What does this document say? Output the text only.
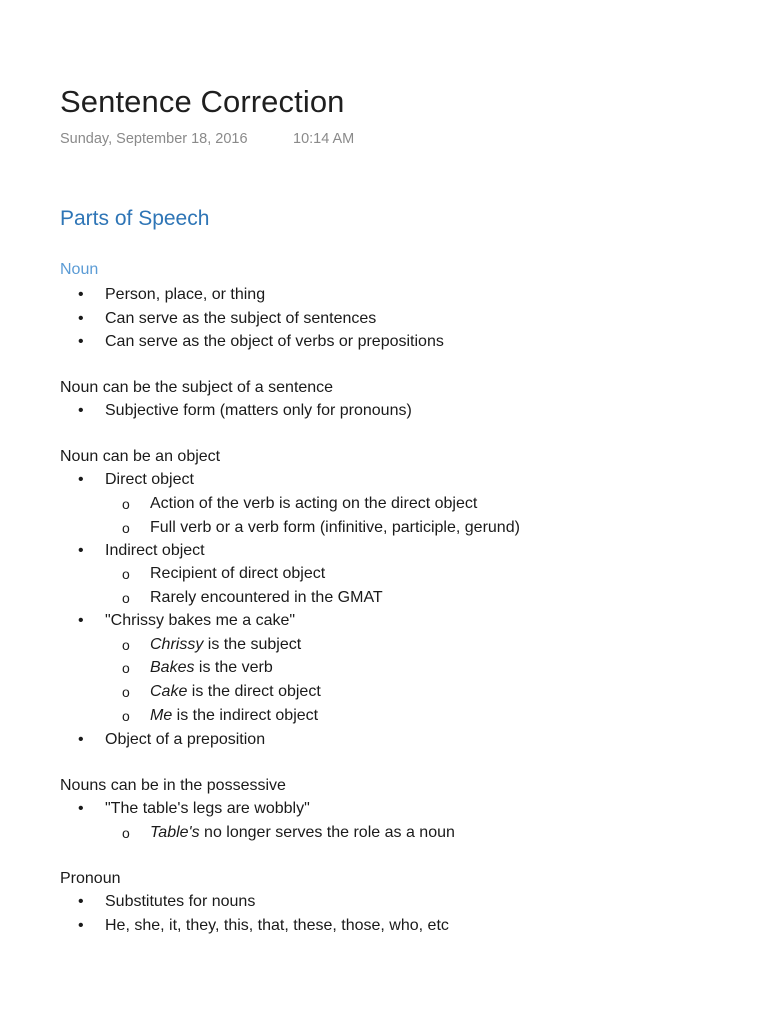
Sentence Correction
Sunday, September 18, 2016	10:14 AM
Parts of Speech
Noun
• Person, place, or thing
• Can serve as the subject of sentences
• Can serve as the object of verbs or prepositions
Noun can be the subject of a sentence
• Subjective form (matters only for pronouns)
Noun can be an object
• Direct object
o Action of the verb is acting on the direct object
o Full verb or a verb form (infinitive, participle, gerund)
• Indirect object
o Recipient of direct object
o Rarely encountered in the GMAT
• "Chrissy bakes me a cake"
o Chrissy is the subject
o Bakes is the verb
o Cake is the direct object
o Me is the indirect object
• Object of a preposition
Nouns can be in the possessive
• "The table's legs are wobbly"
o Table's no longer serves the role as a noun
Pronoun
• Substitutes for nouns
• He, she, it, they, this, that, these, those, who, etc
